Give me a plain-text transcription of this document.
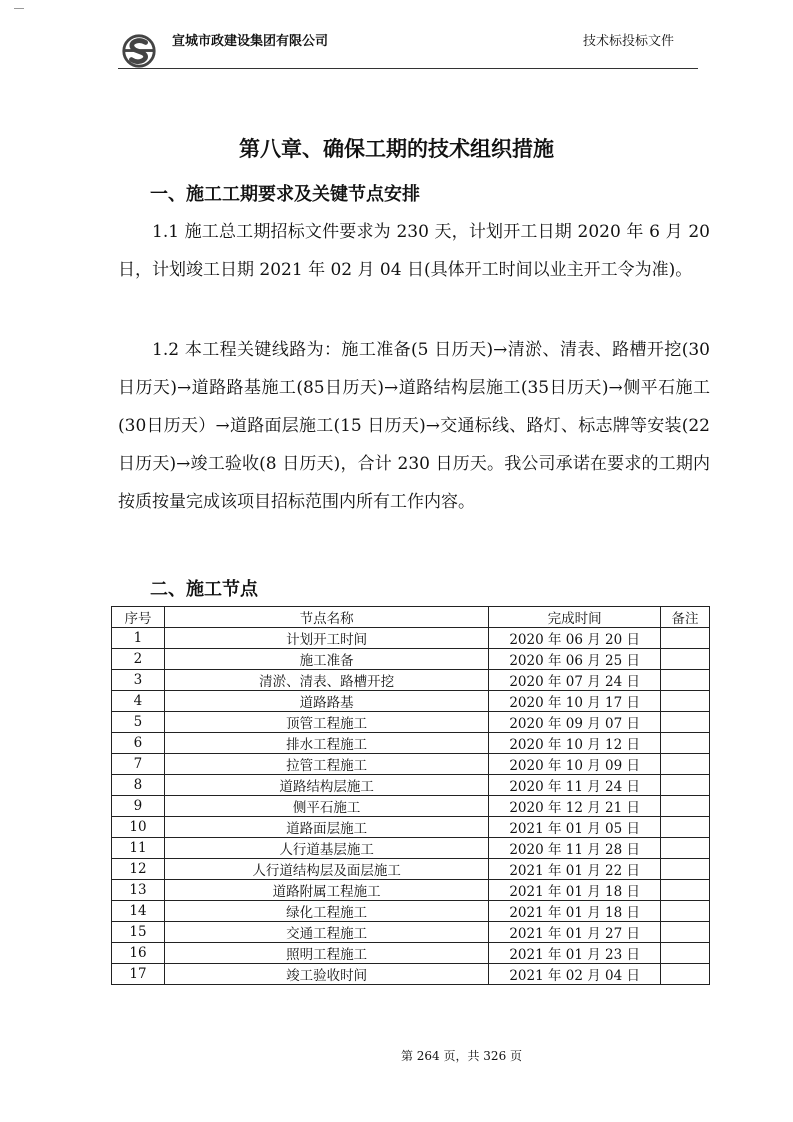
宣城市政建设集团有限公司	技术标投标文件
第八章、确保工期的技术组织措施
一、施工工期要求及关键节点安排
1.1 施工总工期招标文件要求为 230 天，计划开工日期 2020 年 6 月 20 日，计划竣工日期 2021 年 02 月 04 日(具体开工时间以业主开工令为准)。
1.2 本工程关键线路为：施工准备(5 日历天)→清淤、清表、路槽开挖(30日历天)→道路路基施工(85日历天)→道路结构层施工(35日历天)→侧平石施工(30日历天）→道路面层施工(15 日历天)→交通标线、路灯、标志牌等安装(22 日历天)→竣工验收(8 日历天)，合计 230 日历天。我公司承诺在要求的工期内按质按量完成该项目招标范围内所有工作内容。
二、施工节点
序号	节点名称	完成时间	备注
1	计划开工时间	2020 年 06 月 20 日	
2	施工准备	2020 年 06 月 25 日	
3	清淤、清表、路槽开挖	2020 年 07 月 24 日	
4	道路路基	2020 年 10 月 17 日	
5	顶管工程施工	2020 年 09 月 07 日	
6	排水工程施工	2020 年 10 月 12 日	
7	拉管工程施工	2020 年 10 月 09 日	
8	道路结构层施工	2020 年 11 月 24 日	
9	侧平石施工	2020 年 12 月 21 日	
10	道路面层施工	2021 年 01 月 05 日	
11	人行道基层施工	2020 年 11 月 28 日	
12	人行道结构层及面层施工	2021 年 01 月 22 日	
13	道路附属工程施工	2021 年 01 月 18 日	
14	绿化工程施工	2021 年 01 月 18 日	
15	交通工程施工	2021 年 01 月 27 日	
16	照明工程施工	2021 年 01 月 23 日	
17	竣工验收时间	2021 年 02 月 04 日	
第 264 页，共 326 页
